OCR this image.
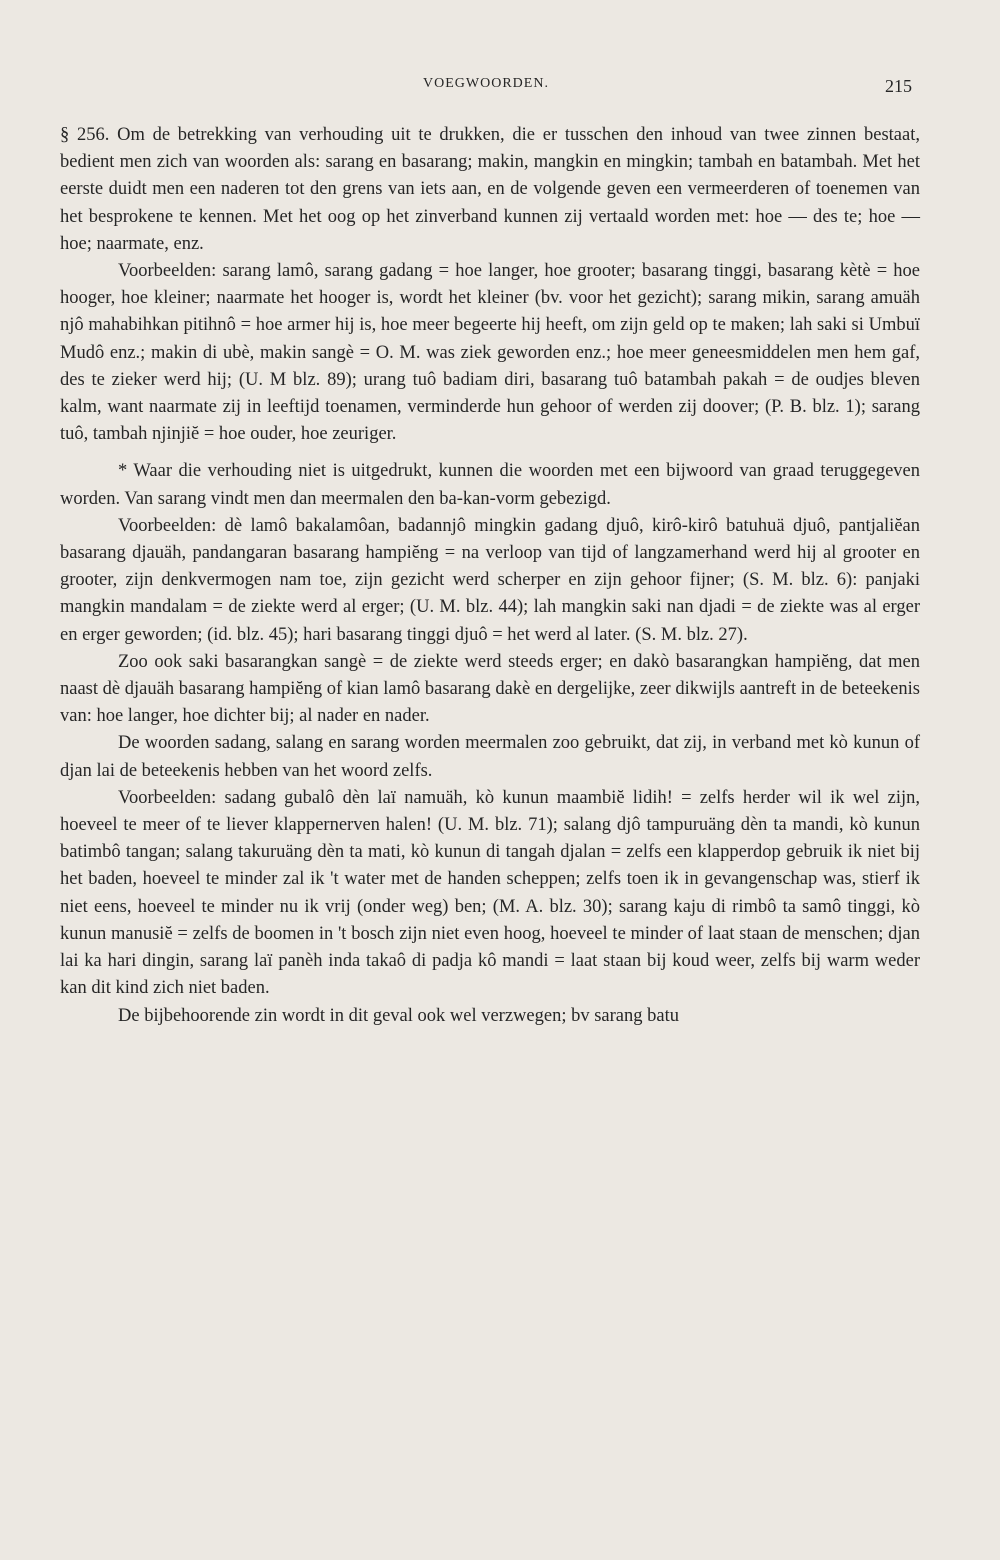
VOEGWOORDEN.	215

§ 256. Om de betrekking van verhouding uit te drukken, die er tusschen den inhoud van twee zinnen bestaat, bedient men zich van woorden als: sarang en basarang; makin, mangkin en mingkin; tambah en batambah. Met het eerste duidt men een naderen tot den grens van iets aan, en de volgende geven een vermeerderen of toenemen van het besprokene te kennen. Met het oog op het zinverband kunnen zij vertaald worden met: hoe — des te; hoe — hoe; naarmate, enz.

Voorbeelden: sarang lamô, sarang gadang = hoe langer, hoe grooter; basarang tinggi, basarang kètè = hoe hooger, hoe kleiner; naarmate het hooger is, wordt het kleiner (bv. voor het gezicht); sarang mikin, sarang amuäh njô mahabihkan pitihnô = hoe armer hij is, hoe meer begeerte hij heeft, om zijn geld op te maken; lah saki si Umbuï Mudô enz.; makin di ubè, makin sangè = O. M. was ziek geworden enz.; hoe meer geneesmiddelen men hem gaf, des te zieker werd hij; (U. M blz. 89); urang tuô badiam diri, basarang tuô batambah pakah = de oudjes bleven kalm, want naarmate zij in leeftijd toenamen, verminderde hun gehoor of werden zij doover; (P. B. blz. 1); sarang tuô, tambah njinjiĕ = hoe ouder, hoe zeuriger.

* Waar die verhouding niet is uitgedrukt, kunnen die woorden met een bijwoord van graad teruggegeven worden. Van sarang vindt men dan meermalen den ba-kan-vorm gebezigd.

Voorbeelden: dè lamô bakalamôan, badannjô mingkin gadang djuô, kirô-kirô batuhuä djuô, pantjaliĕan basarang djauäh, pandangaran basarang hampiĕng = na verloop van tijd of langzamerhand werd hij al grooter en grooter, zijn denkvermogen nam toe, zijn gezicht werd scherper en zijn gehoor fijner; (S. M. blz. 6): panjaki mangkin mandalam = de ziekte werd al erger; (U. M. blz. 44); lah mangkin saki nan djadi = de ziekte was al erger en erger geworden; (id. blz. 45); hari basarang tinggi djuô = het werd al later. (S. M. blz. 27).

Zoo ook saki basarangkan sangè = de ziekte werd steeds erger; en dakò basarangkan hampiĕng, dat men naast dè djauäh basarang hampiĕng of kian lamô basarang dakè en dergelijke, zeer dikwijls aantreft in de beteekenis van: hoe langer, hoe dichter bij; al nader en nader.

De woorden sadang, salang en sarang worden meermalen zoo gebruikt, dat zij, in verband met kò kunun of djan lai de beteekenis hebben van het woord zelfs.

Voorbeelden: sadang gubalô dèn laï namuäh, kò kunun maambiĕ lidih! = zelfs herder wil ik wel zijn, hoeveel te meer of te liever klappernerven halen! (U. M. blz. 71); salang djô tampuruäng dèn ta mandi, kò kunun batimbô tangan; salang takuruäng dèn ta mati, kò kunun di tangah djalan = zelfs een klapperdop gebruik ik niet bij het baden, hoeveel te minder zal ik 't water met de handen scheppen; zelfs toen ik in gevangenschap was, stierf ik niet eens, hoeveel te minder nu ik vrij (onder weg) ben; (M. A. blz. 30); sarang kaju di rimbô ta samô tinggi, kò kunun manusiĕ = zelfs de boomen in 't bosch zijn niet even hoog, hoeveel te minder of laat staan de menschen; djan lai ka hari dingin, sarang laï panèh inda takaô di padja kô mandi = laat staan bij koud weer, zelfs bij warm weder kan dit kind zich niet baden.

De bijbehoorende zin wordt in dit geval ook wel verzwegen; bv sarang batu
